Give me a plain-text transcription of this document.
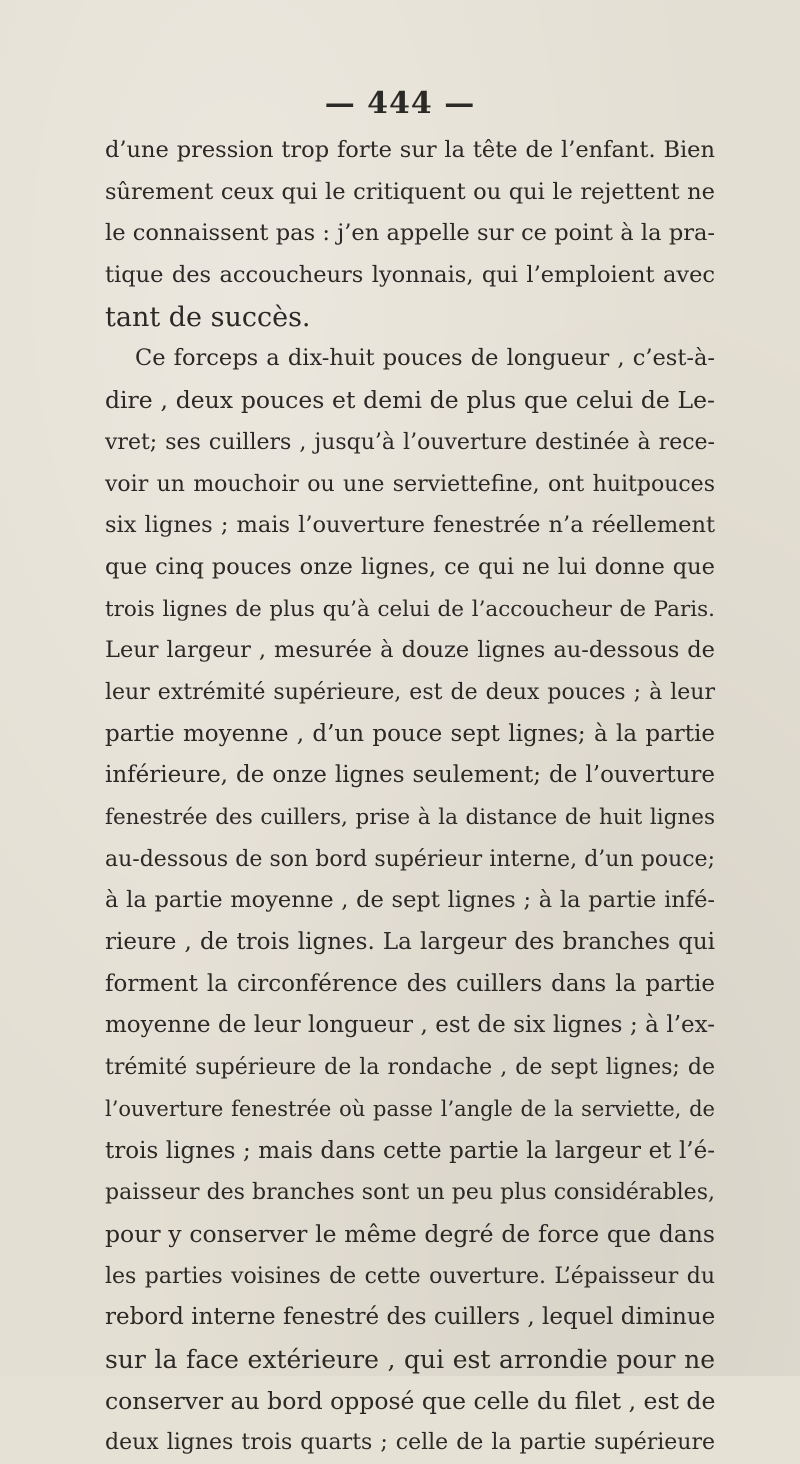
— 444 —
d’une pression trop forte sur la tête de l’enfant. Bien
sûrement ceux qui le critiquent ou qui le rejettent ne
le connaissent pas : j’en appelle sur ce point à la pra-
tique des accoucheurs lyonnais, qui l’emploient avec
tant de succès.
Ce forceps a dix-huit pouces de longueur , c’est-à-
dire , deux pouces et demi de plus que celui de Le-
vret; ses cuillers , jusqu’à l’ouverture destinée à rece-
voir un mouchoir ou une servietteﬁne, ont huitpouces
six lignes ; mais l’ouverture fenestrée n’a réellement
que cinq pouces onze lignes, ce qui ne lui donne que
trois lignes de plus qu’à celui de l’accoucheur de Paris.
Leur largeur , mesurée à douze lignes au-dessous de
leur extrémité supérieure, est de deux pouces ; à leur
partie moyenne , d’un pouce sept lignes; à la partie
inférieure, de onze lignes seulement; de l’ouverture
fenestrée des cuillers, prise à la distance de huit lignes
au-dessous de son bord supérieur interne, d’un pouce;
à la partie moyenne , de sept lignes ; à la partie infé-
rieure , de trois lignes. La largeur des branches qui
forment la circonférence des cuillers dans la partie
moyenne de leur longueur , est de six lignes ; à l’ex-
trémité supérieure de la rondache , de sept lignes; de
l’ouverture fenestrée où passe l’angle de la serviette, de
trois lignes ; mais dans cette partie la largeur et l’é-
paisseur des branches sont un peu plus considérables,
pour y conserver le même degré de force que dans
les parties voisines de cette ouverture. L’épaisseur du
rebord interne fenestré des cuillers , lequel diminue
sur la face extérieure , qui est arrondie pour ne
conserver au bord opposé que celle du filet , est de
deux lignes trois quarts ; celle de la partie supérieure
